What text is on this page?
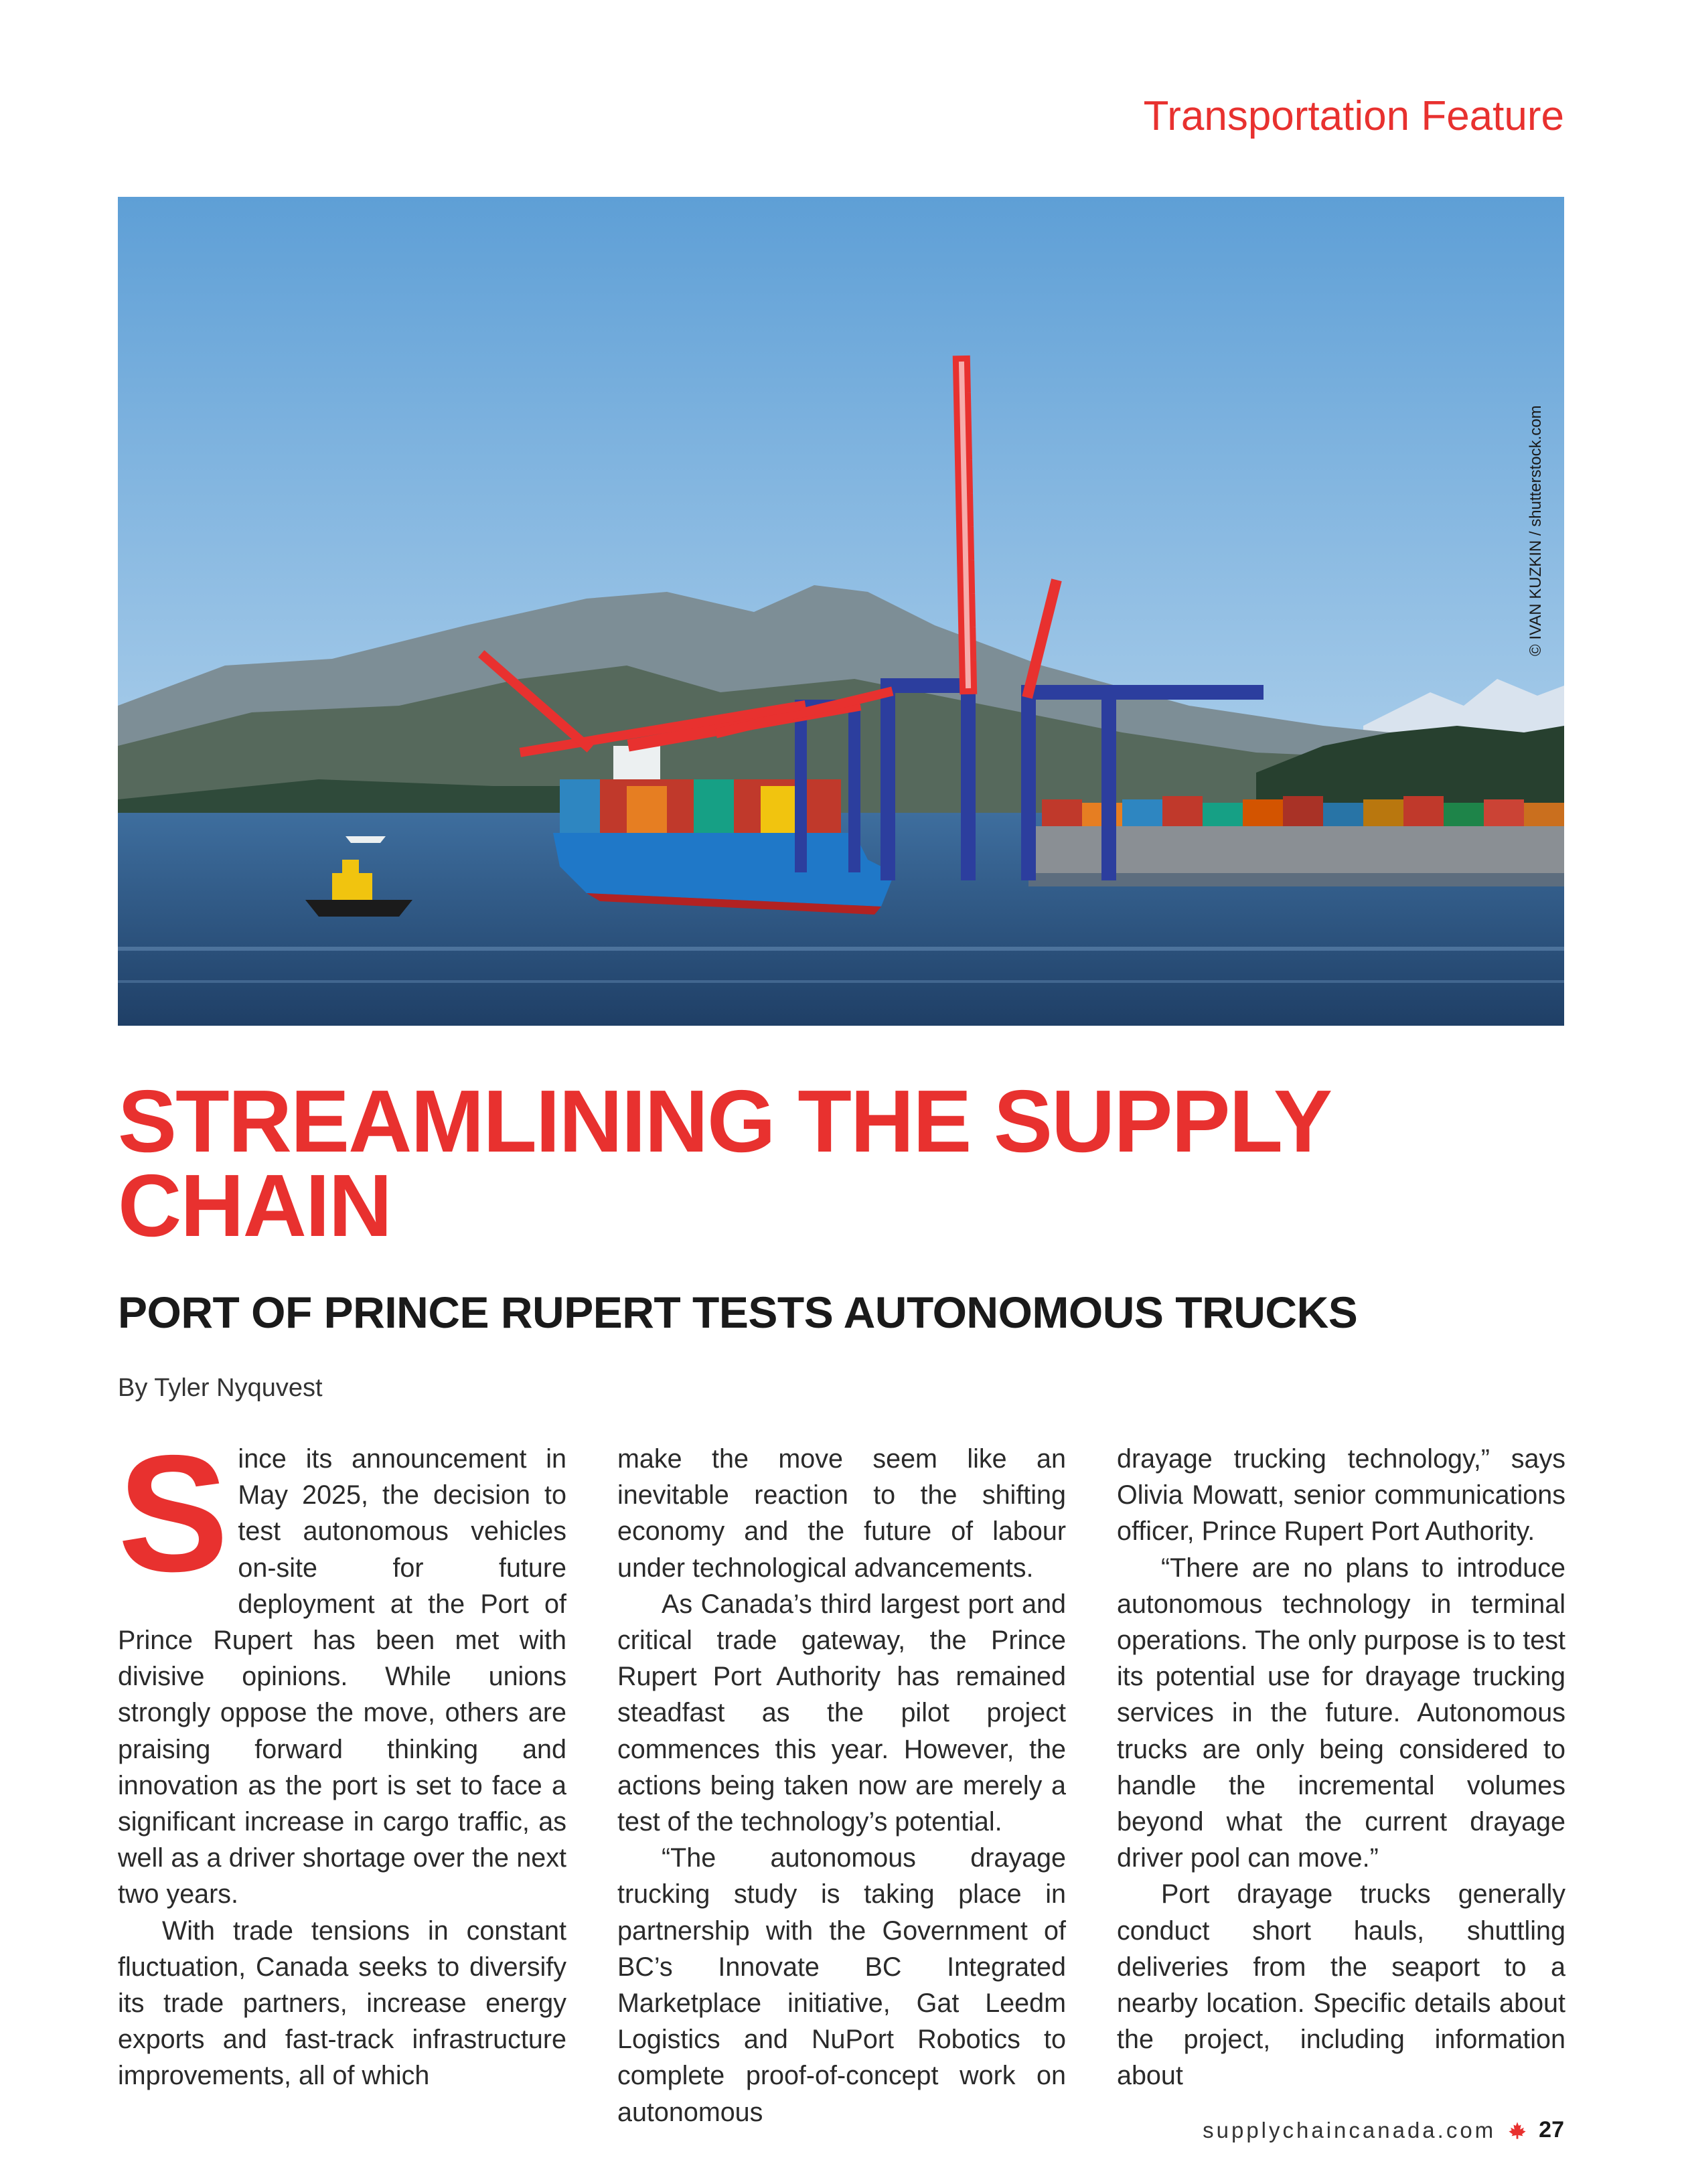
Transportation Feature
© IVAN KUZKIN / shutterstock.com
STREAMLINING THE SUPPLY CHAIN
PORT OF PRINCE RUPERT TESTS AUTONOMOUS TRUCKS
By Tyler Nyquvest

Since its announcement in May 2025, the decision to test autonomous vehicles on-site for future deployment at the Port of Prince Rupert has been met with divisive opinions. While unions strongly oppose the move, others are praising forward thinking and innovation as the port is set to face a significant increase in cargo traffic, as well as a driver shortage over the next two years.

With trade tensions in constant fluctuation, Canada seeks to diversify its trade partners, increase energy exports and fast-track infrastructure improvements, all of which

make the move seem like an inevitable reaction to the shifting economy and the future of labour under technological advancements.

As Canada’s third largest port and critical trade gateway, the Prince Rupert Port Authority has remained steadfast as the pilot project commences this year. However, the actions being taken now are merely a test of the technology’s potential.

“The autonomous drayage trucking study is taking place in partnership with the Government of BC’s Innovate BC Integrated Marketplace initiative, Gat Leedm Logistics and NuPort Robotics to complete proof-of-concept work on autonomous

drayage trucking technology,” says Olivia Mowatt, senior communications officer, Prince Rupert Port Authority.

“There are no plans to introduce autonomous technology in terminal operations. The only purpose is to test its potential use for drayage trucking services in the future. Autonomous trucks are only being considered to handle the incremental volumes beyond what the current drayage driver pool can move.”

Port drayage trucks generally conduct short hauls, shuttling deliveries from the seaport to a nearby location. Specific details about the project, including information about

supplychaincanada.com 27
